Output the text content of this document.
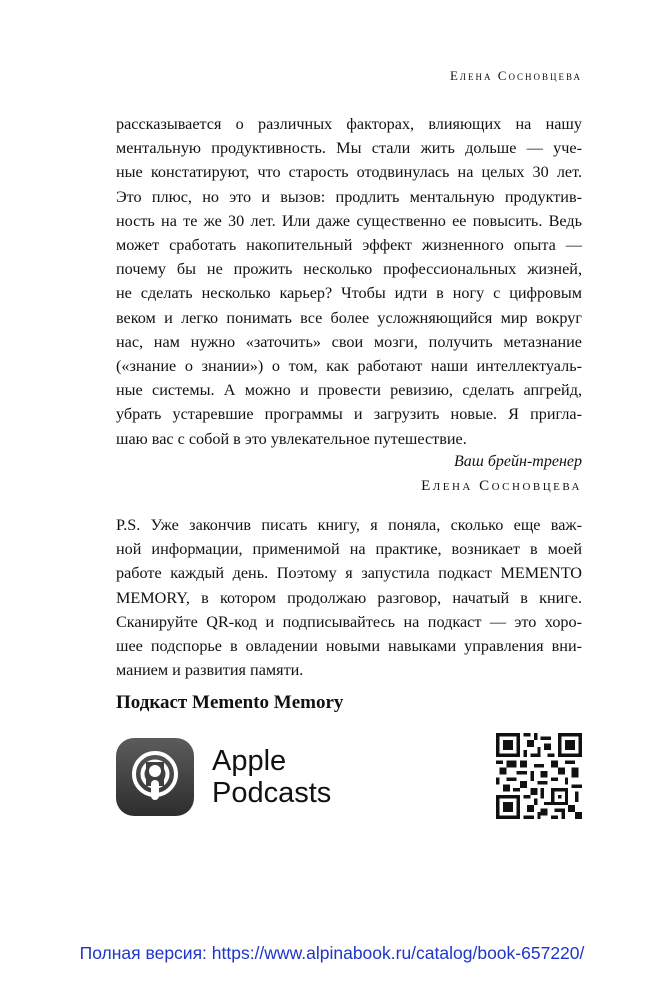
Елена Сосновцева
рассказывается о различных факторах, влияющих на нашу
ментальную продуктивность. Мы стали жить дольше — уче-
ные констатируют, что старость отодвинулась на целых 30 лет.
Это плюс, но это и вызов: продлить ментальную продуктив-
ность на те же 30 лет. Или даже существенно ее повысить. Ведь
может сработать накопительный эффект жизненного опыта —
почему бы не прожить несколько профессиональных жизней,
не сделать несколько карьер? Чтобы идти в ногу с цифровым
веком и легко понимать все более усложняющийся мир вокруг
нас, нам нужно «заточить» свои мозги, получить метазнание
(«знание о знании») о том, как работают наши интеллектуаль-
ные системы. А можно и провести ревизию, сделать апгрейд,
убрать устаревшие программы и загрузить новые. Я пригла-
шаю вас с собой в это увлекательное путешествие.
Ваш брейн-тренер
Елена Сосновцева
P.S. Уже закончив писать книгу, я поняла, сколько еще важ-
ной информации, применимой на практике, возникает в моей
работе каждый день. Поэтому я запустила подкаст MEMENTO
MEMORY, в котором продолжаю разговор, начатый в книге.
Сканируйте QR-код и подписывайтесь на подкаст — это хоро-
шее подспорье в овладении новыми навыками управления вни-
манием и развития памяти.
Подкаст Memento Memory
Apple
Podcasts
Полная версия: https://www.alpinabook.ru/catalog/book-657220/
